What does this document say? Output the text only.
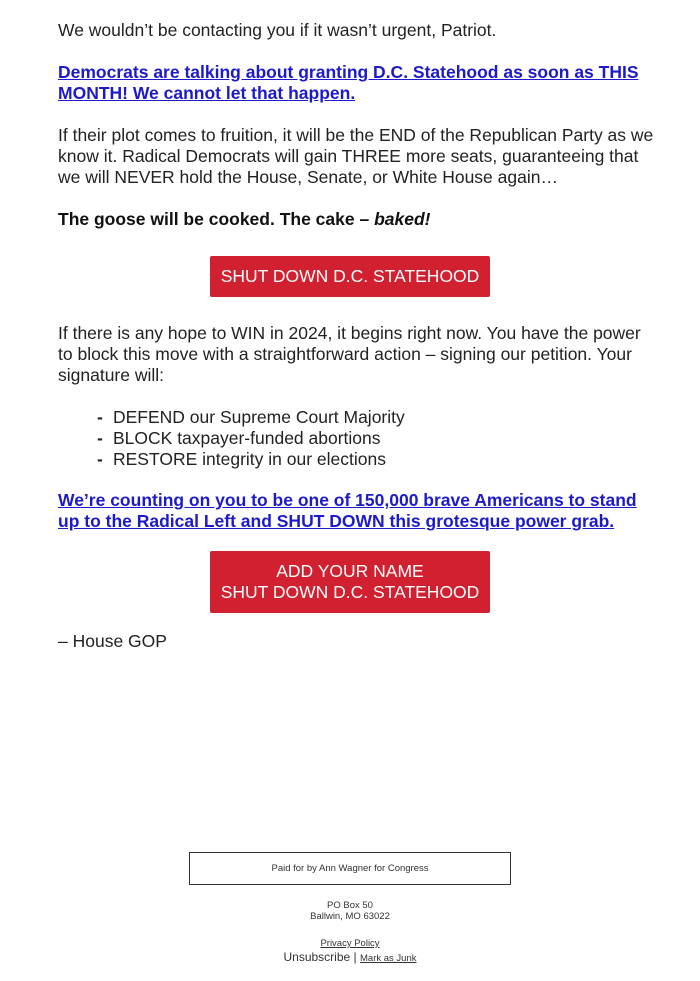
We wouldn’t be contacting you if it wasn’t urgent, Patriot.

Democrats are talking about granting D.C. Statehood as soon as THIS MONTH! We cannot let that happen.

If their plot comes to fruition, it will be the END of the Republican Party as we know it. Radical Democrats will gain THREE more seats, guaranteeing that we will NEVER hold the House, Senate, or White House again…

The goose will be cooked. The cake – baked!

SHUT DOWN D.C. STATEHOOD

If there is any hope to WIN in 2024, it begins right now. You have the power to block this move with a straightforward action – signing our petition. Your signature will:

- DEFEND our Supreme Court Majority
- BLOCK taxpayer-funded abortions
- RESTORE integrity in our elections

We’re counting on you to be one of 150,000 brave Americans to stand up to the Radical Left and SHUT DOWN this grotesque power grab.

ADD YOUR NAME
SHUT DOWN D.C. STATEHOOD

– House GOP

Paid for by Ann Wagner for Congress
PO Box 50
Ballwin, MO 63022
Privacy Policy
Unsubscribe | Mark as Junk
